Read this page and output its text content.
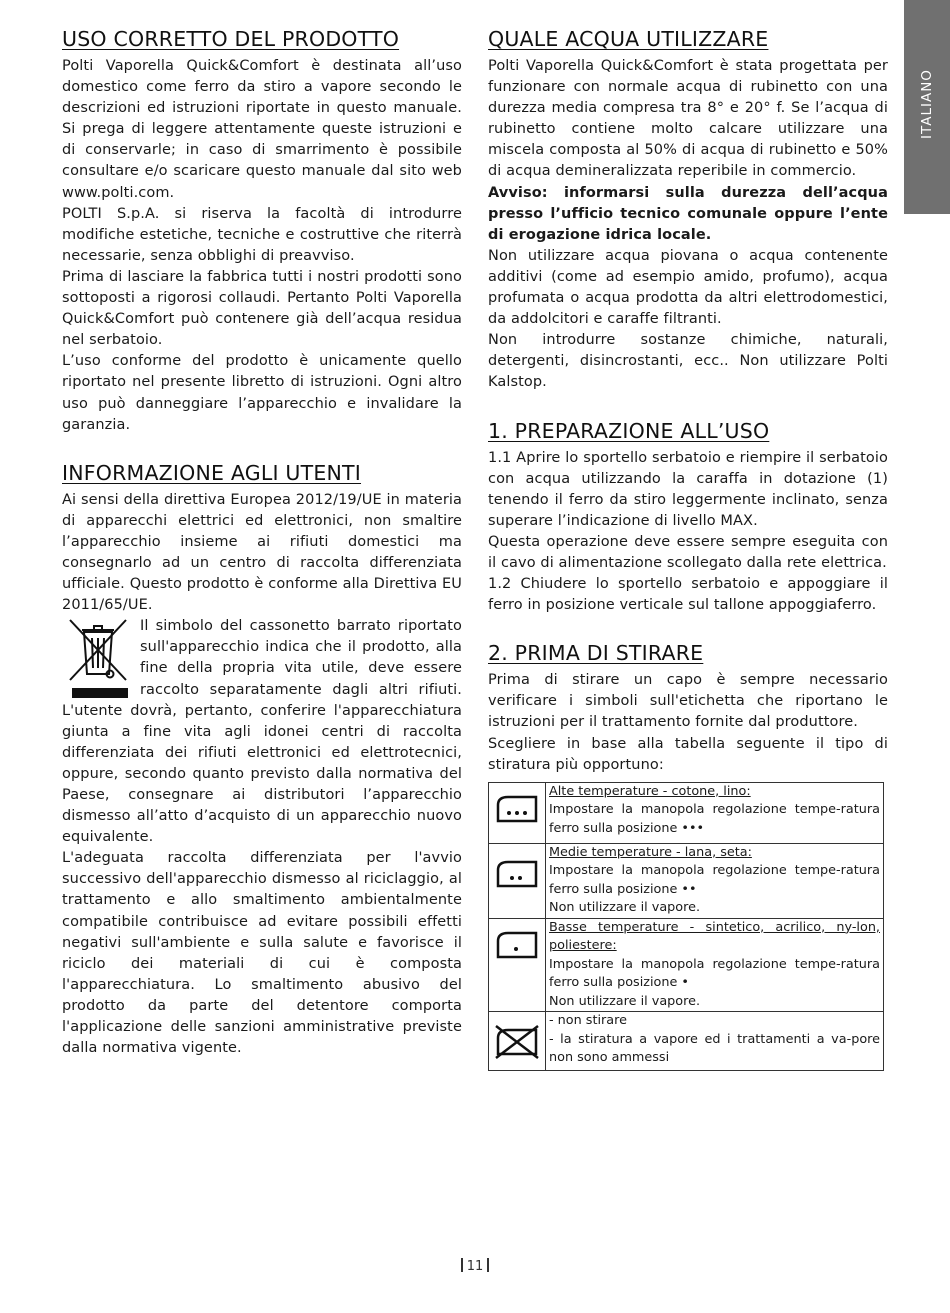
ITALIANO
USO CORRETTO DEL PRODOTTO

Polti Vaporella Quick&Comfort è destinata all’uso domestico come ferro da stiro a vapore secondo le descrizioni ed istruzioni riportate in questo manuale. Si prega di leggere attentamente queste istruzioni e di conservarle; in caso di smarrimento è possibile consultare e/o scaricare questo manuale dal sito web www.polti.com.

POLTI S.p.A. si riserva la facoltà di introdurre modifiche estetiche, tecniche e costruttive che riterrà necessarie, senza obblighi di preavviso.

Prima di lasciare la fabbrica tutti i nostri prodotti sono sottoposti a rigorosi collaudi. Pertanto Polti Vaporella Quick&Comfort può contenere già dell’acqua residua nel serbatoio.

L’uso conforme del prodotto è unicamente quello riportato nel presente libretto di istruzioni. Ogni altro uso può danneggiare l’apparecchio e invalidare la garanzia.

INFORMAZIONE AGLI UTENTI

Ai sensi della direttiva Europea 2012/19/UE in materia di apparecchi elettrici ed elettronici, non smaltire l’apparecchio insieme ai rifiuti domestici ma consegnarlo ad un centro di raccolta differenziata ufficiale. Questo prodotto è conforme alla Direttiva EU 2011/65/UE.

Il simbolo del cassonetto barrato riportato sull'apparecchio indica che il prodotto, alla fine della propria vita utile, deve essere raccolto separatamente dagli altri rifiuti. L'utente dovrà, pertanto, conferire l'apparecchiatura giunta a fine vita agli idonei centri di raccolta differenziata dei rifiuti elettronici ed elettrotecnici, oppure, secondo quanto previsto dalla normativa del Paese, consegnare ai distributori l’apparecchio dismesso all’atto d’acquisto di un apparecchio nuovo equivalente.

L'adeguata raccolta differenziata per l'avvio successivo dell'apparecchio dismesso al riciclaggio, al trattamento e allo smaltimento ambientalmente compatibile contribuisce ad evitare possibili effetti negativi sull'ambiente e sulla salute e favorisce il riciclo dei materiali di cui è composta l'apparecchiatura. Lo smaltimento abusivo del prodotto da parte del detentore comporta l'applicazione delle sanzioni amministrative previste dalla normativa vigente.

QUALE ACQUA UTILIZZARE

Polti Vaporella Quick&Comfort è stata progettata per funzionare con normale acqua di rubinetto con una durezza media compresa tra 8° e 20° f. Se l’acqua di rubinetto contiene molto calcare utilizzare una miscela composta al 50% di acqua di rubinetto e 50% di acqua demineralizzata reperibile in commercio.

Avviso: informarsi sulla durezza dell’acqua presso l’ufficio tecnico comunale oppure l’ente di erogazione idrica locale.

Non utilizzare acqua piovana o acqua contenente additivi (come ad esempio amido, profumo), acqua profumata o acqua prodotta da altri elettrodomestici, da addolcitori e caraffe filtranti.

Non introdurre sostanze chimiche, naturali, detergenti, disincrostanti, ecc.. Non utilizzare Polti Kalstop.

1. PREPARAZIONE ALL’USO

1.1 Aprire lo sportello serbatoio e riempire il serbatoio con acqua utilizzando la caraffa in dotazione (1) tenendo il ferro da stiro leggermente inclinato, senza superare l’indicazione di livello MAX.

Questa operazione deve essere sempre eseguita con il cavo di alimentazione scollegato dalla rete elettrica.

1.2 Chiudere lo sportello serbatoio e appoggiare il ferro in posizione verticale sul tallone appoggiaferro.

2. PRIMA DI STIRARE

Prima di stirare un capo è sempre necessario verificare i simboli sull'etichetta che riportano le istruzioni per il trattamento fornite dal produttore.

Scegliere in base alla tabella seguente il tipo di stiratura più opportuno:

Alte temperature - cotone, lino:
Impostare la manopola regolazione tempe-ratura ferro sulla posizione •••

Medie temperature - lana, seta:
Impostare la manopola regolazione tempe-ratura ferro sulla posizione ••
Non utilizzare il vapore.

Basse temperature - sintetico, acrilico, ny-lon, poliestere:
Impostare la manopola regolazione tempe-ratura ferro sulla posizione •
Non utilizzare il vapore.

- non stirare
- la stiratura a vapore ed i trattamenti a va-pore non sono ammessi
11
